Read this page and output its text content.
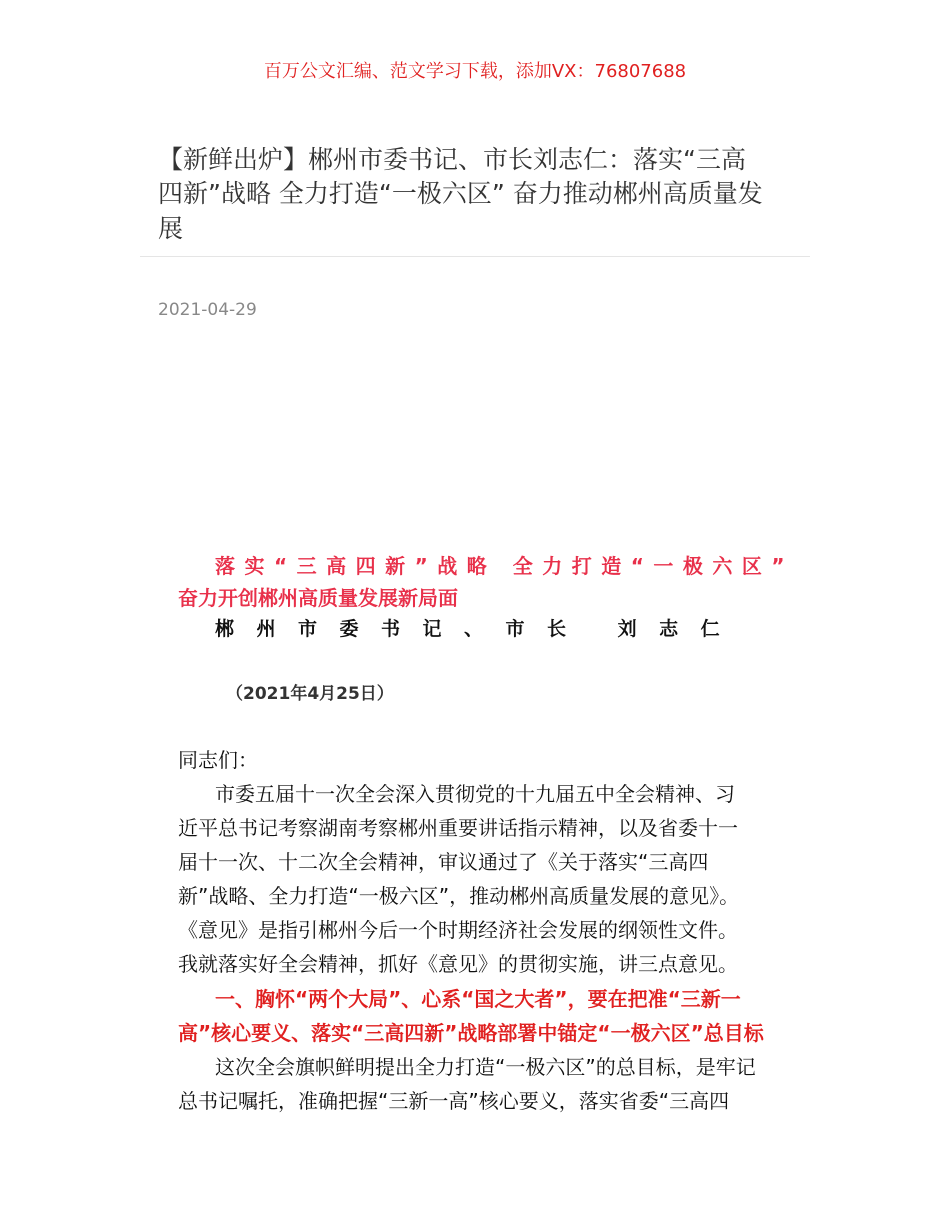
百万公文汇编、范文学习下载，添加VX：76807688
【新鲜出炉】郴州市委书记、市长刘志仁：落实“三高
四新”战略 全力打造“一极六区” 奋力推动郴州高质量发
展
2021-04-29
落实“三高四新”战略 全力打造“一极六区”
奋力开创郴州高质量发展新局面
郴州市委书记、市长 刘志仁
（2021年4月25日）
同志们：
市委五届十一次全会深入贯彻党的十九届五中全会精神、习
近平总书记考察湖南考察郴州重要讲话指示精神，以及省委十一
届十一次、十二次全会精神，审议通过了《关于落实“三高四
新”战略、全力打造“一极六区”，推动郴州高质量发展的意见》。
《意见》是指引郴州今后一个时期经济社会发展的纲领性文件。
我就落实好全会精神，抓好《意见》的贯彻实施，讲三点意见。
一、胸怀“两个大局”、心系“国之大者”，要在把准“三新一
高”核心要义、落实“三高四新”战略部署中锚定“一极六区”总目标
这次全会旗帜鲜明提出全力打造“一极六区”的总目标，是牢记
总书记嘱托，准确把握“三新一高”核心要义，落实省委“三高四
